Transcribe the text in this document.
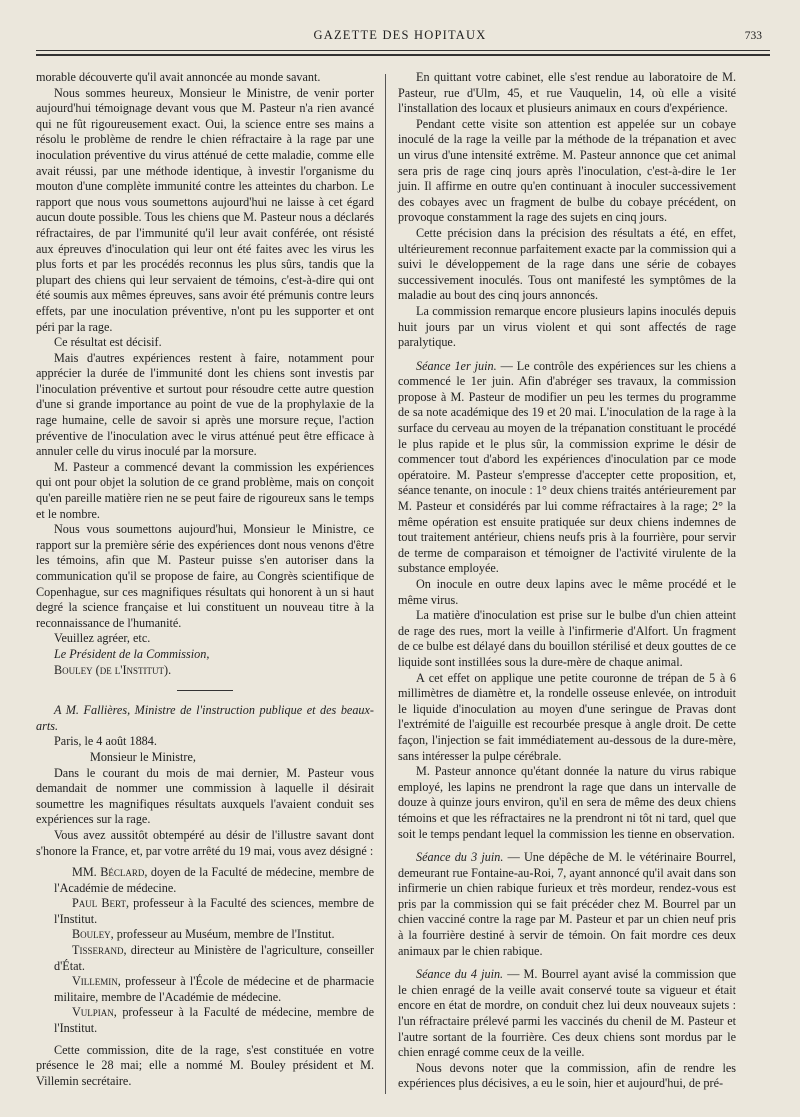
GAZETTE DES HOPITAUX	733

morable découverte qu'il avait annoncée au monde savant.

Nous sommes heureux, Monsieur le Ministre, de venir porter aujourd'hui témoignage devant vous que M. Pasteur n'a rien avancé qui ne fût rigoureusement exact. Oui, la science entre ses mains a résolu le problème de rendre le chien réfractaire à la rage par une inoculation préventive du virus atténué de cette maladie, comme elle avait réussi, par une méthode identique, à investir l'organisme du mouton d'une complète immunité contre les atteintes du charbon. Le rapport que nous vous soumettons aujourd'hui ne laisse à cet égard aucun doute possible. Tous les chiens que M. Pasteur nous a déclarés réfractaires, de par l'immunité qu'il leur avait conférée, ont résisté aux épreuves d'inoculation qui leur ont été faites avec les virus les plus forts et par les procédés reconnus les plus sûrs, tandis que la plupart des chiens qui leur servaient de témoins, c'est-à-dire qui ont été soumis aux mêmes épreuves, sans avoir été prémunis contre leurs effets, par une inoculation préventive, n'ont pu les supporter et ont péri par la rage.

Ce résultat est décisif.

Mais d'autres expériences restent à faire, notamment pour apprécier la durée de l'immunité dont les chiens sont investis par l'inoculation préventive et surtout pour résoudre cette autre question d'une si grande importance au point de vue de la prophylaxie de la rage humaine, celle de savoir si après une morsure reçue, l'action préventive de l'inoculation avec le virus atténué peut être efficace à annuler celle du virus inoculé par la morsure.

M. Pasteur a commencé devant la commission les expériences qui ont pour objet la solution de ce grand problème, mais on conçoit qu'en pareille matière rien ne se peut faire de rigoureux sans le temps et le nombre.

Nous vous soumettons aujourd'hui, Monsieur le Ministre, ce rapport sur la première série des expériences dont nous venons d'être les témoins, afin que M. Pasteur puisse s'en autoriser dans la communication qu'il se propose de faire, au Congrès scientifique de Copenhague, sur ces magnifiques résultats qui honorent à un si haut degré la science française et lui constituent un nouveau titre à la reconnaissance de l'humanité.

Veuillez agréer, etc.

Le Président de la Commission,

Bouley (de l'Institut).

A M. Fallières, Ministre de l'instruction publique et des beaux-arts.

Paris, le 4 août 1884.

Monsieur le Ministre,

Dans le courant du mois de mai dernier, M. Pasteur vous demandait de nommer une commission à laquelle il désirait soumettre les magnifiques résultats auxquels l'avaient conduit ses expériences sur la rage.

Vous avez aussitôt obtempéré au désir de l'illustre savant dont s'honore la France, et, par votre arrêté du 19 mai, vous avez désigné :

MM. Béclard, doyen de la Faculté de médecine, membre de l'Académie de médecine.

Paul Bert, professeur à la Faculté des sciences, membre de l'Institut.

Bouley, professeur au Muséum, membre de l'Institut.

Tisserand, directeur au Ministère de l'agriculture, conseiller d'État.

Villemin, professeur à l'École de médecine et de pharmacie militaire, membre de l'Académie de médecine.

Vulpian, professeur à la Faculté de médecine, membre de l'Institut.

Cette commission, dite de la rage, s'est constituée en votre présence le 28 mai; elle a nommé M. Bouley président et M. Villemin secrétaire.

En quittant votre cabinet, elle s'est rendue au laboratoire de M. Pasteur, rue d'Ulm, 45, et rue Vauquelin, 14, où elle a visité l'installation des locaux et plusieurs animaux en cours d'expérience.

Pendant cette visite son attention est appelée sur un cobaye inoculé de la rage la veille par la méthode de la trépanation et avec un virus d'une intensité extrême. M. Pasteur annonce que cet animal sera pris de rage cinq jours après l'inoculation, c'est-à-dire le 1er juin. Il affirme en outre qu'en continuant à inoculer successivement des cobayes avec un fragment de bulbe du cobaye précédent, on provoque constamment la rage des sujets en cinq jours.

Cette précision dans la précision des résultats a été, en effet, ultérieurement reconnue parfaitement exacte par la commission qui a suivi le développement de la rage dans une série de cobayes successivement inoculés. Tous ont manifesté les symptômes de la maladie au bout des cinq jours annoncés.

La commission remarque encore plusieurs lapins inoculés depuis huit jours par un virus violent et qui sont affectés de rage paralytique.

Séance 1er juin. — Le contrôle des expériences sur les chiens a commencé le 1er juin. Afin d'abréger ses travaux, la commission propose à M. Pasteur de modifier un peu les termes du programme de sa note académique des 19 et 20 mai. L'inoculation de la rage à la surface du cerveau au moyen de la trépanation constituant le procédé le plus rapide et le plus sûr, la commission exprime le désir de commencer tout d'abord les expériences d'inoculation par ce mode opératoire. M. Pasteur s'empresse d'accepter cette proposition, et, séance tenante, on inocule : 1° deux chiens traités antérieurement par M. Pasteur et considérés par lui comme réfractaires à la rage; 2° la même opération est ensuite pratiquée sur deux chiens indemnes de tout traitement antérieur, chiens neufs pris à la fourrière, pour servir de terme de comparaison et témoigner de l'activité virulente de la substance employée.

On inocule en outre deux lapins avec le même procédé et le même virus.

La matière d'inoculation est prise sur le bulbe d'un chien atteint de rage des rues, mort la veille à l'infirmerie d'Alfort. Un fragment de ce bulbe est délayé dans du bouillon stérilisé et deux gouttes de ce liquide sont instillées sous la dure-mère de chaque animal.

A cet effet on applique une petite couronne de trépan de 5 à 6 millimètres de diamètre et, la rondelle osseuse enlevée, on introduit le liquide d'inoculation au moyen d'une seringue de Pravas dont l'extrémité de l'aiguille est recourbée presque à angle droit. De cette façon, l'injection se fait immédiatement au-dessous de la dure-mère, sans intéresser la pulpe cérébrale.

M. Pasteur annonce qu'étant donnée la nature du virus rabique employé, les lapins ne prendront la rage que dans un intervalle de douze à quinze jours environ, qu'il en sera de même des deux chiens témoins et que les réfractaires ne la prendront ni tôt ni tard, quel que soit le temps pendant lequel la commission les tienne en observation.

Séance du 3 juin. — Une dépêche de M. le vétérinaire Bourrel, demeurant rue Fontaine-au-Roi, 7, ayant annoncé qu'il avait dans son infirmerie un chien rabique furieux et très mordeur, rendez-vous est pris par la commission qui se fait précéder chez M. Bourrel par un chien vacciné contre la rage par M. Pasteur et par un chien neuf pris à la fourrière destiné à servir de témoin. On fait mordre ces deux animaux par le chien rabique.

Séance du 4 juin. — M. Bourrel ayant avisé la commission que le chien enragé de la veille avait conservé toute sa vigueur et était encore en état de mordre, on conduit chez lui deux nouveaux sujets : l'un réfractaire prélevé parmi les vaccinés du chenil de M. Pasteur et l'autre sortant de la fourrière. Ces deux chiens sont mordus par le chien enragé comme ceux de la veille.

Nous devons noter que la commission, afin de rendre les expériences plus décisives, a eu le soin, hier et aujourd'hui, de pré-
